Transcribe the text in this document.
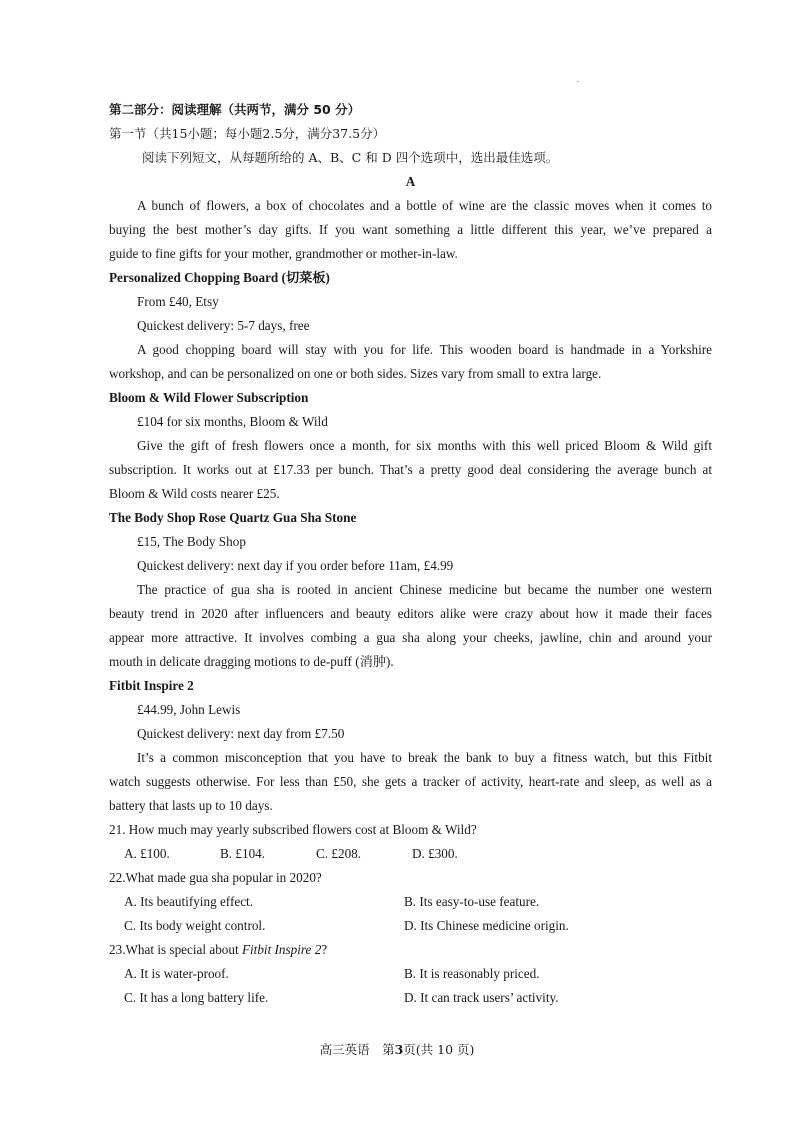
.
第二部分：阅读理解（共两节，满分 50 分）
第一节（共15小题；每小题2.5分，满分37.5分）
阅读下列短文，从每题所给的 A、B、C 和 D 四个选项中，选出最佳选项。
A
A bunch of flowers, a box of chocolates and a bottle of wine are the classic moves when it comes to
buying the best mother’s day gifts. If you want something a little different this year, we’ve prepared a
guide to fine gifts for your mother, grandmother or mother-in-law.
Personalized Chopping Board (切菜板)
From £40, Etsy
Quickest delivery: 5-7 days, free
A good chopping board will stay with you for life. This wooden board is handmade in a Yorkshire
workshop, and can be personalized on one or both sides. Sizes vary from small to extra large.
Bloom & Wild Flower Subscription
£104 for six months, Bloom & Wild
Give the gift of fresh flowers once a month, for six months with this well priced Bloom & Wild gift
subscription. It works out at £17.33 per bunch. That’s a pretty good deal considering the average bunch at
Bloom & Wild costs nearer £25.
The Body Shop Rose Quartz Gua Sha Stone
£15, The Body Shop
Quickest delivery: next day if you order before 11am, £4.99
The practice of gua sha is rooted in ancient Chinese medicine but became the number one western
beauty trend in 2020 after influencers and beauty editors alike were crazy about how it made their faces
appear more attractive. It involves combing a gua sha along your cheeks, jawline, chin and around your
mouth in delicate dragging motions to de-puff (消肿).
Fitbit Inspire 2
£44.99, John Lewis
Quickest delivery: next day from £7.50
It’s a common misconception that you have to break the bank to buy a fitness watch, but this Fitbit
watch suggests otherwise. For less than £50, she gets a tracker of activity, heart-rate and sleep, as well as a
battery that lasts up to 10 days.
21. How much may yearly subscribed flowers cost at Bloom & Wild?
A. £100.	B. £104.	C. £208.	D. £300.
22.What made gua sha popular in 2020?
A. Its beautifying effect.	B. Its easy-to-use feature.
C. Its body weight control.	D. Its Chinese medicine origin.
23.What is special about Fitbit Inspire 2?
A. It is water-proof.	B. It is reasonably priced.
C. It has a long battery life.	D. It can track users’ activity.
高三英语　第3页(共 10 页)
